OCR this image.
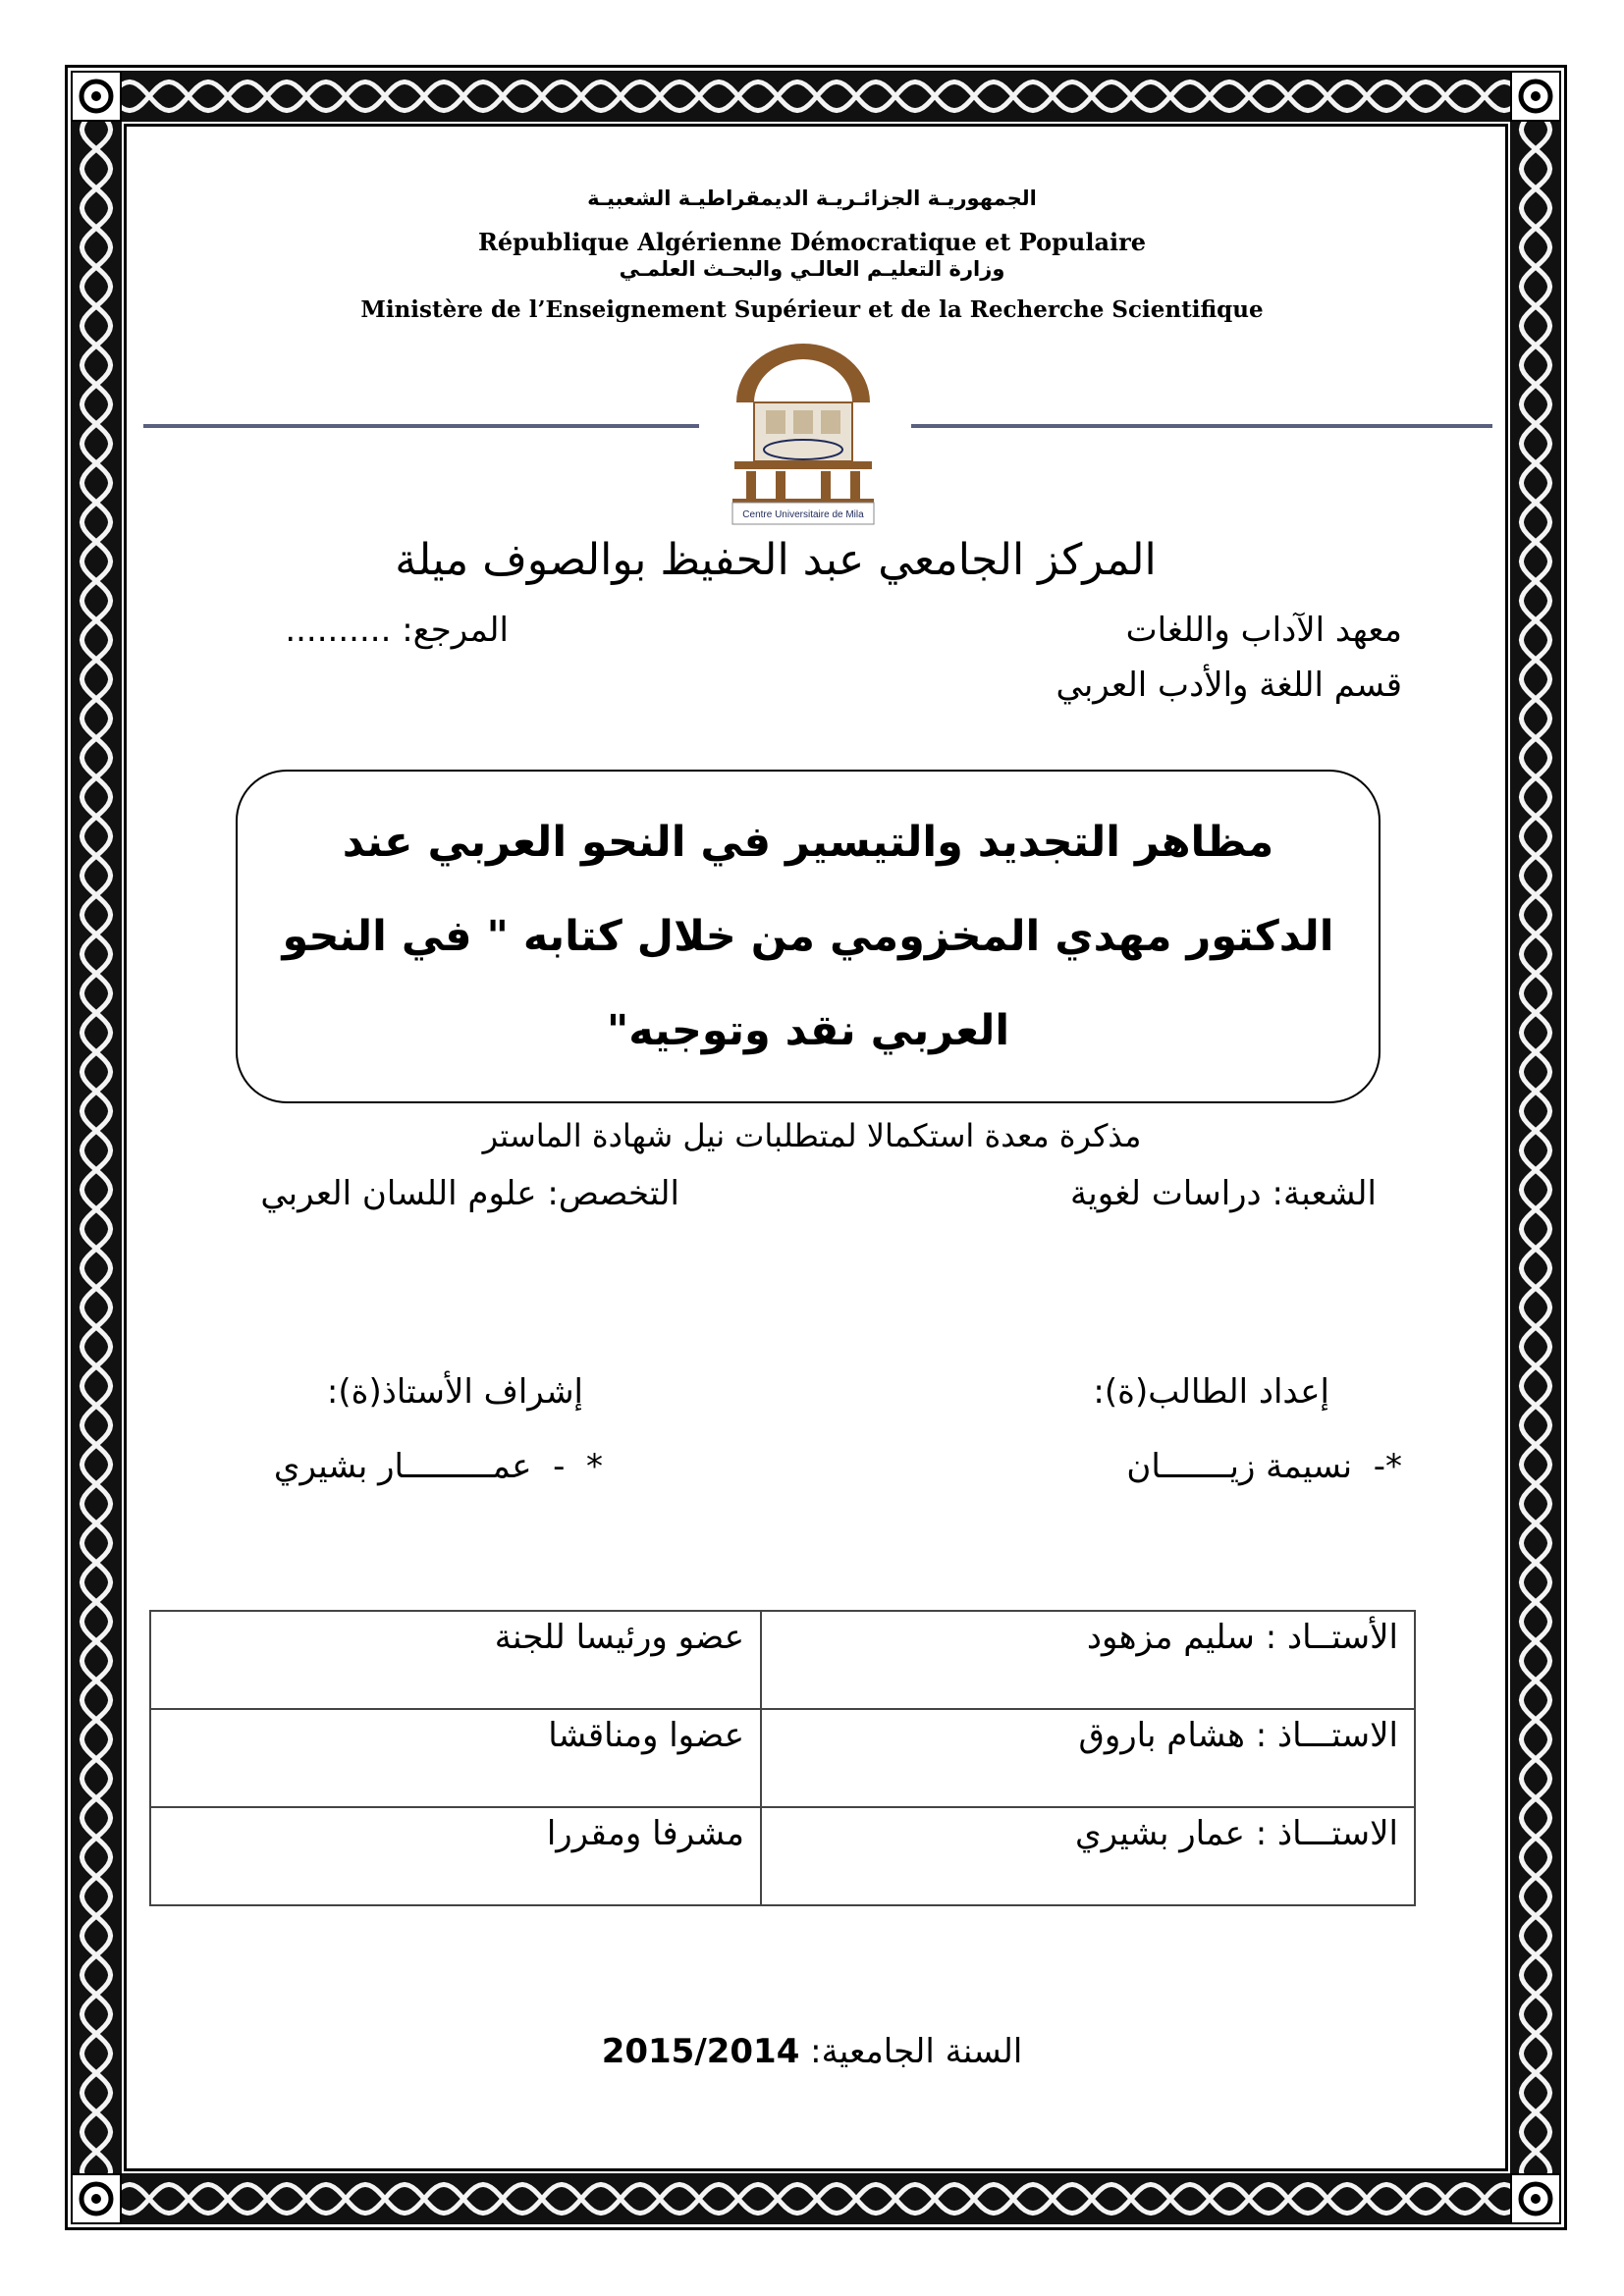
الجمهوريـة الجزائـريـة الديمقراطيـة الشعبيـة
République Algérienne Démocratique et Populaire
وزارة التعليـم العالـي والبحـث العلمـي
Ministère de l’Enseignement Supérieur et de la Recherche Scientifique
Centre Universitaire de Mila
المركز الجامعي عبد الحفيظ بوالصوف ميلة
معهد الآداب واللغات
المرجع: ..........
قسم اللغة والأدب العربي
مظاهر التجديد والتيسير في النحو العربي عند الدكتور مهدي المخزومي من خلال كتابه " في النحو العربي نقد وتوجيه"
مذكرة معدة استكمالا لمتطلبات نيل شهادة الماستر
الشعبة: دراسات لغوية
التخصص: علوم اللسان العربي
إعداد الطالب(ة):
إشراف الأستاذ(ة):
*-  نسيمة زيـــــــان
*  -  عمـــــــــار بشيري
الأستــاد : سليم مزهود	عضو ورئيسا للجنة
الاستـــاذ : هشام باروق	عضوا ومناقشا
الاستـــاذ : عمار بشيري	مشرفا ومقررا
السنة الجامعية: 2015/2014
